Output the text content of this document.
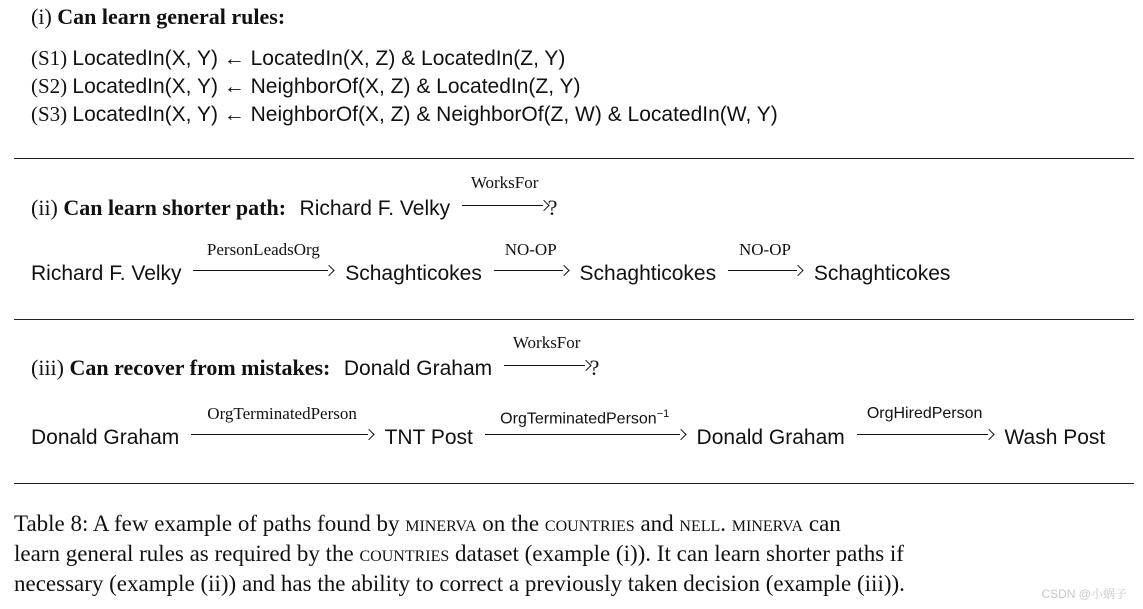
(i) Can learn general rules:
(S1) LocatedIn(X, Y) ← LocatedIn(X, Z) & LocatedIn(Z, Y)
(S2) LocatedIn(X, Y) ← NeighborOf(X, Z) & LocatedIn(Z, Y)
(S3) LocatedIn(X, Y) ← NeighborOf(X, Z) & NeighborOf(Z, W) & LocatedIn(W, Y)
(ii) Can learn shorter path: Richard F. Velky
WorksFor
?
Richard F. Velky
PersonLeadsOrg
Schaghticokes
NO-OP
Schaghticokes
NO-OP
Schaghticokes
(iii) Can recover from mistakes: Donald Graham
WorksFor
?
Donald Graham
OrgTerminatedPerson
TNT Post
OrgTerminatedPerson$^{-1}$
Donald Graham
OrgHiredPerson
Wash Post
Table 8: A few example of paths found by minerva on the countries and nell. minerva can
learn general rules as required by the countries dataset (example (i)). It can learn shorter paths if
necessary (example (ii)) and has the ability to correct a previously taken decision (example (iii)).	CSDN @小蜗子
